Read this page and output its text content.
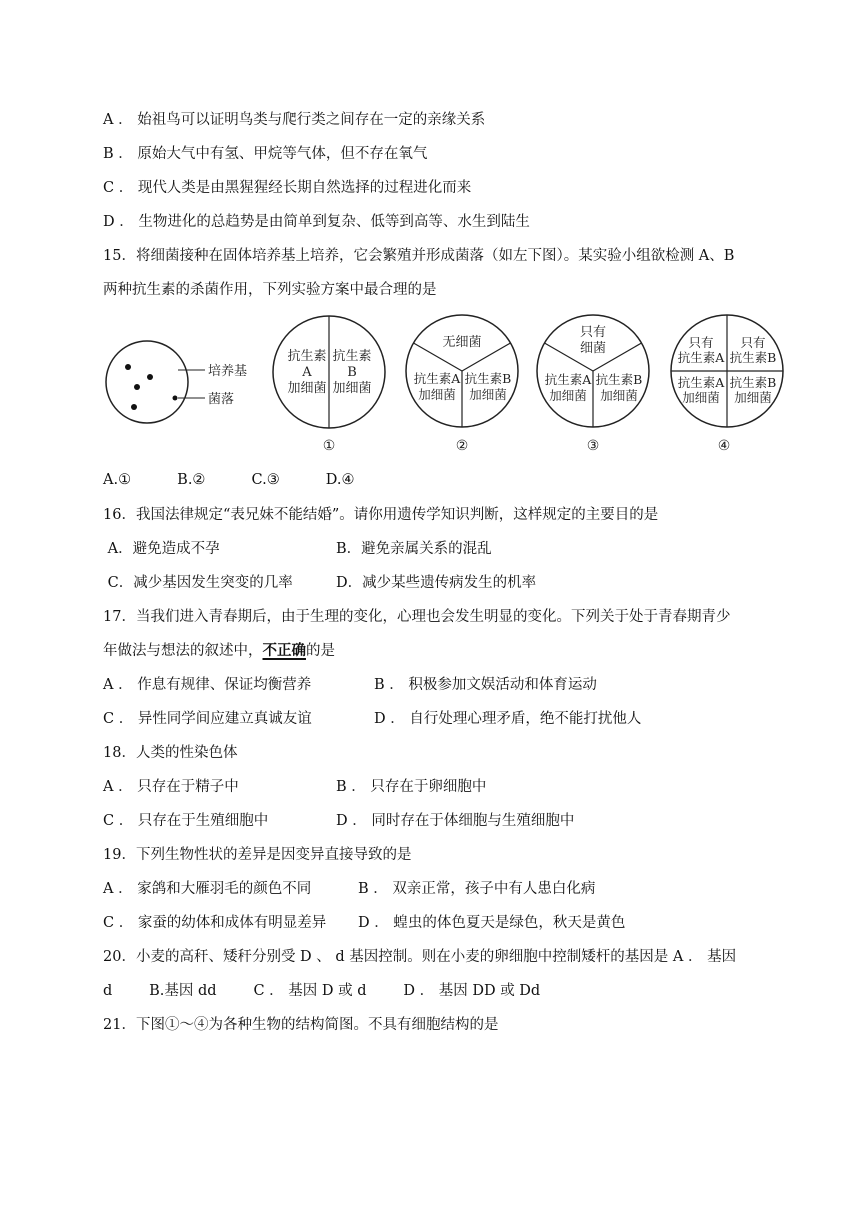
A ． 始祖鸟可以证明鸟类与爬行类之间存在一定的亲缘关系
B ． 原始大气中有氢、甲烷等气体，但不存在氧气
C ． 现代人类是由黑猩猩经长期自然选择的过程进化而来
D ． 生物进化的总趋势是由简单到复杂、低等到高等、水生到陆生
15．将细菌接种在固体培养基上培养，它会繁殖并形成菌落（如左下图）。某实验小组欲检测 A、B
两种抗生素的杀菌作用，下列实验方案中最合理的是
培养基
菌落
抗生素
A
加细菌
抗生素
B
加细菌
①
无细菌
抗生素A
加细菌
抗生素B
加细菌
②
只有
细菌
抗生素A
加细菌
抗生素B
加细菌
③
只有
抗生素A
只有
抗生素B
抗生素A
加细菌
抗生素B
加细菌
④
A.①          B.②          C.③          D.④
16．我国法律规定“表兄妹不能结婚”。请你用遗传学知识判断，这样规定的主要目的是
A．避免造成不孕	B．避免亲属关系的混乱
C．减少基因发生突变的几率	D．减少某些遗传病发生的机率
17．当我们进入青春期后，由于生理的变化，心理也会发生明显的变化。下列关于处于青春期青少
年做法与想法的叙述中，不正确的是
A ． 作息有规律、保证均衡营养	B ． 积极参加文娱活动和体育运动
C ． 异性同学间应建立真诚友谊	D ． 自行处理心理矛盾，绝不能打扰他人
18．人类的性染色体
A ． 只存在于精子中	B ． 只存在于卵细胞中
C ． 只存在于生殖细胞中	D ． 同时存在于体细胞与生殖细胞中
19．下列生物性状的差异是因变异直接导致的是
A ． 家鸽和大雁羽毛的颜色不同	B ． 双亲正常，孩子中有人患白化病
C ． 家蚕的幼体和成体有明显差异 D ． 蝗虫的体色夏天是绿色，秋天是黄色
20．小麦的高秆、矮秆分别受 D 、 d 基因控制。则在小麦的卵细胞中控制矮杆的基因是 A ． 基因
d        B.基因 dd        C ． 基因 D 或 d        D ． 基因 DD 或 Dd
21．下图①～④为各种生物的结构简图。不具有细胞结构的是
